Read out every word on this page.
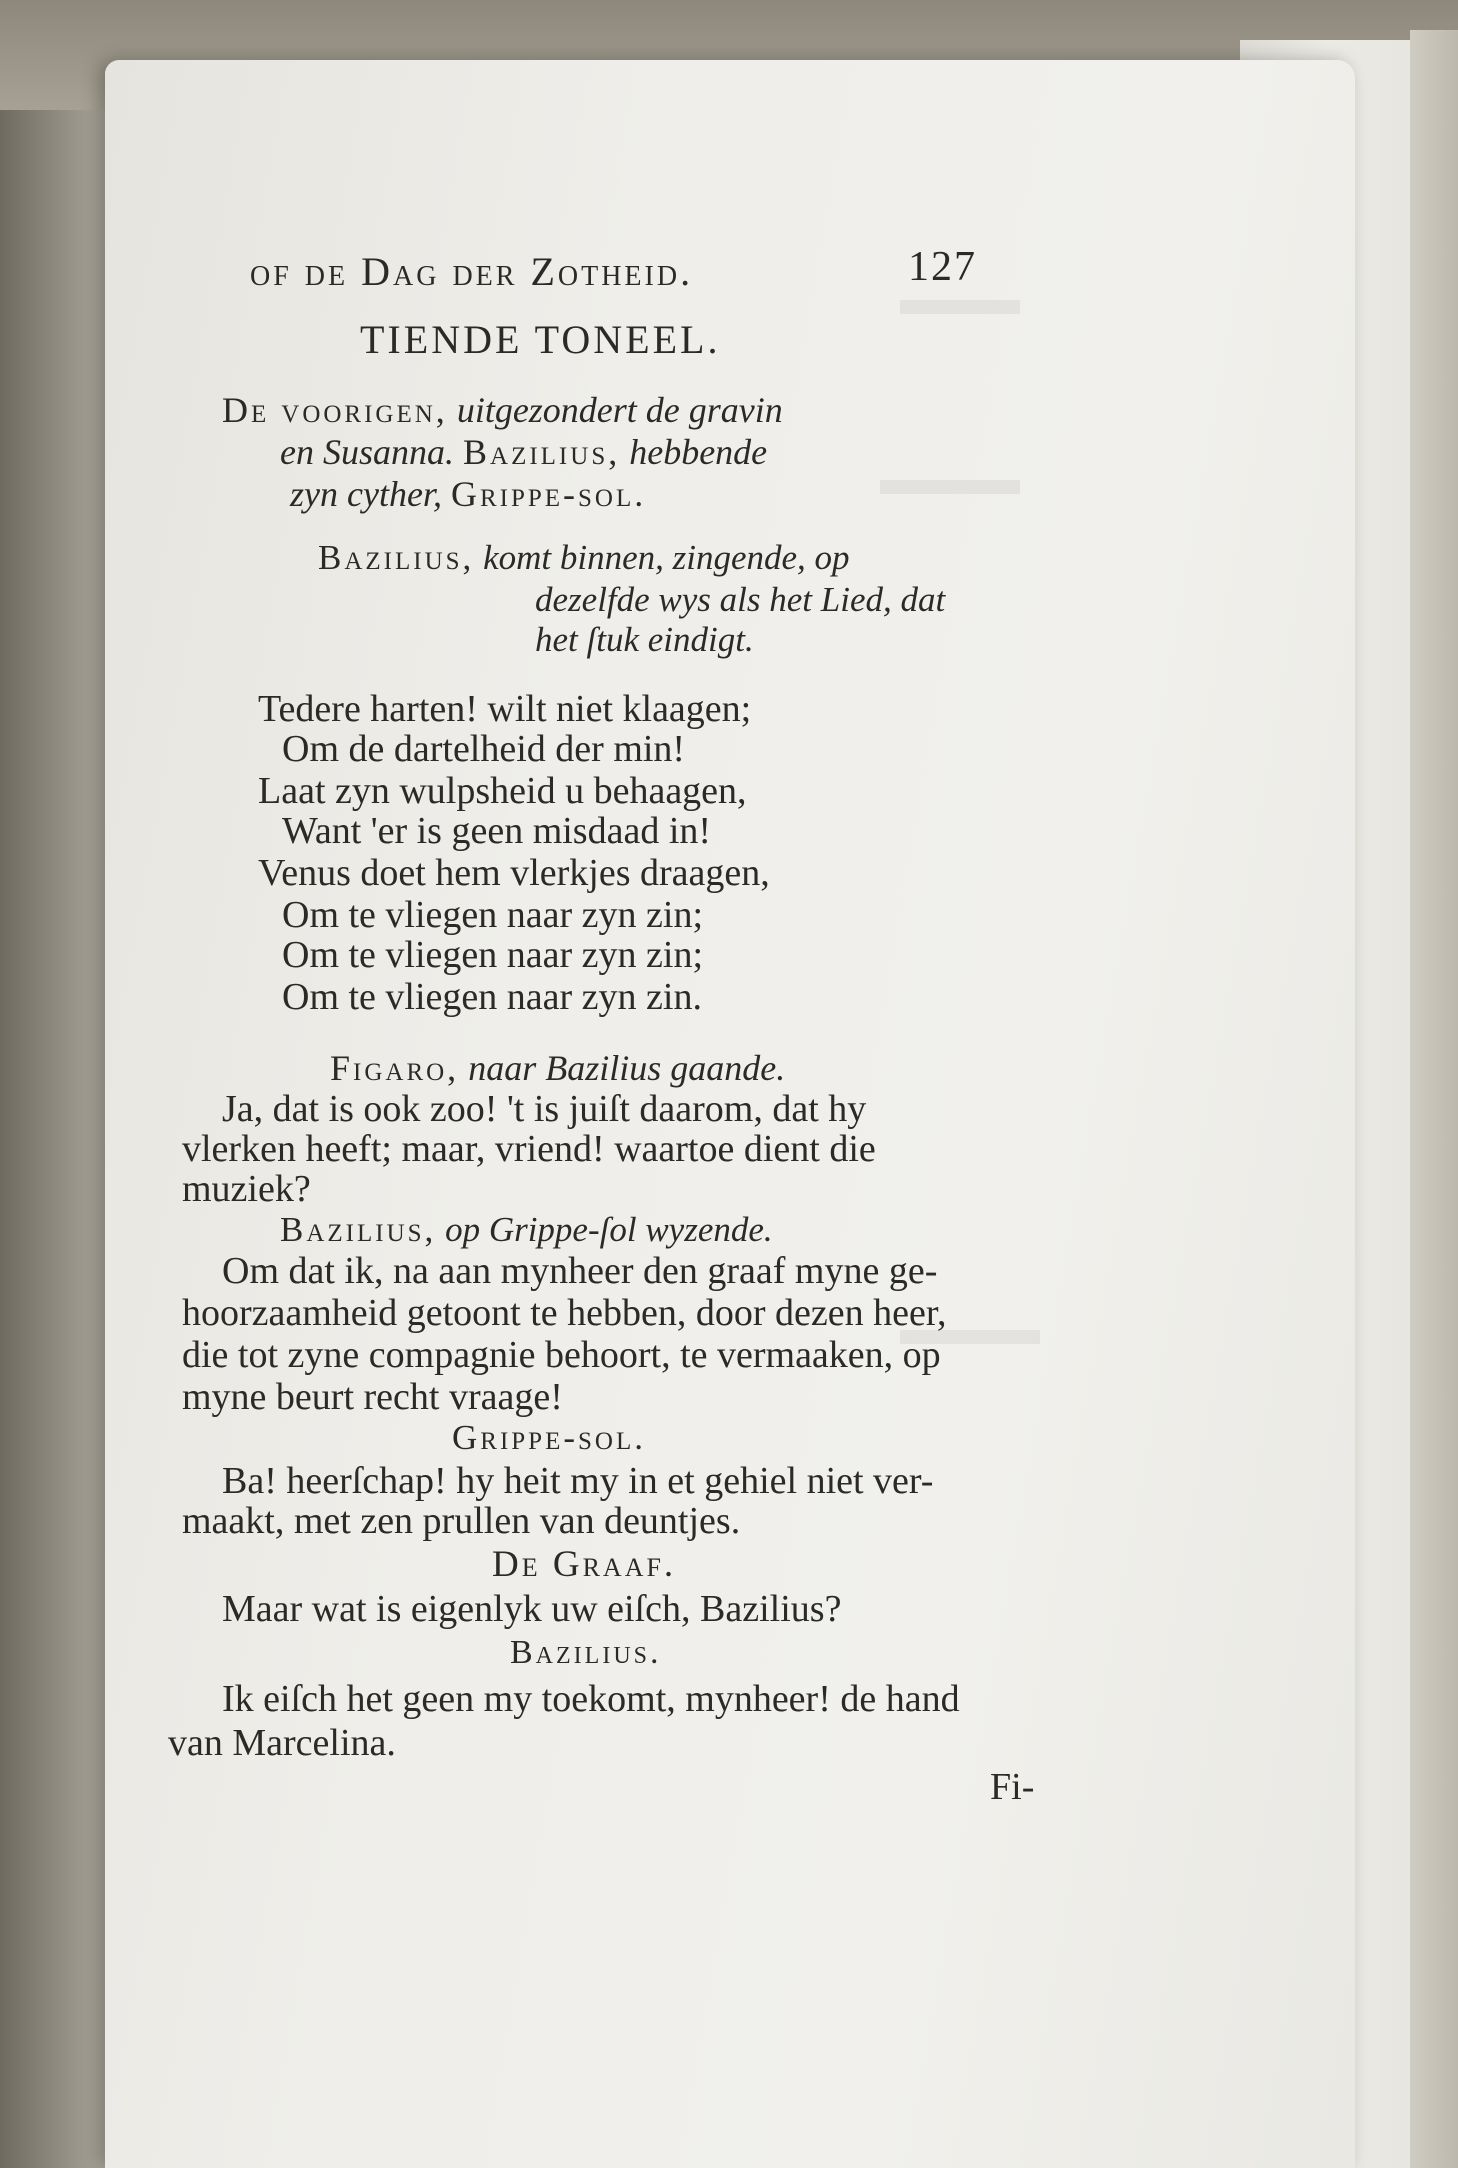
of de Dag der Zotheid.	127
TIENDE TONEEL.
De voorigen, uitgezondert de gravin
en Susanna. Bazilius, hebbende
zyn cyther, Grippe-sol.
Bazilius, komt binnen, zingende, op
dezelfde wys als het Lied, dat
het ſtuk eindigt.
Tedere harten! wilt niet klaagen;
Om de dartelheid der min!
Laat zyn wulpsheid u behaagen,
Want 'er is geen misdaad in!
Venus doet hem vlerkjes draagen,
Om te vliegen naar zyn zin;
Om te vliegen naar zyn zin;
Om te vliegen naar zyn zin.
Figaro, naar Bazilius gaande.
Ja, dat is ook zoo! 't is juiſt daarom, dat hy
vlerken heeft; maar, vriend! waartoe dient die
muziek?
Bazilius, op Grippe-ſol wyzende.
Om dat ik, na aan mynheer den graaf myne ge-
hoorzaamheid getoont te hebben, door dezen heer,
die tot zyne compagnie behoort, te vermaaken, op
myne beurt recht vraage!
Grippe-sol.
Ba! heerſchap! hy heit my in et gehiel niet ver-
maakt, met zen prullen van deuntjes.
De Graaf.
Maar wat is eigenlyk uw eiſch, Bazilius?
Bazilius.
Ik eiſch het geen my toekomt, mynheer! de hand
van Marcelina.
Fi-
